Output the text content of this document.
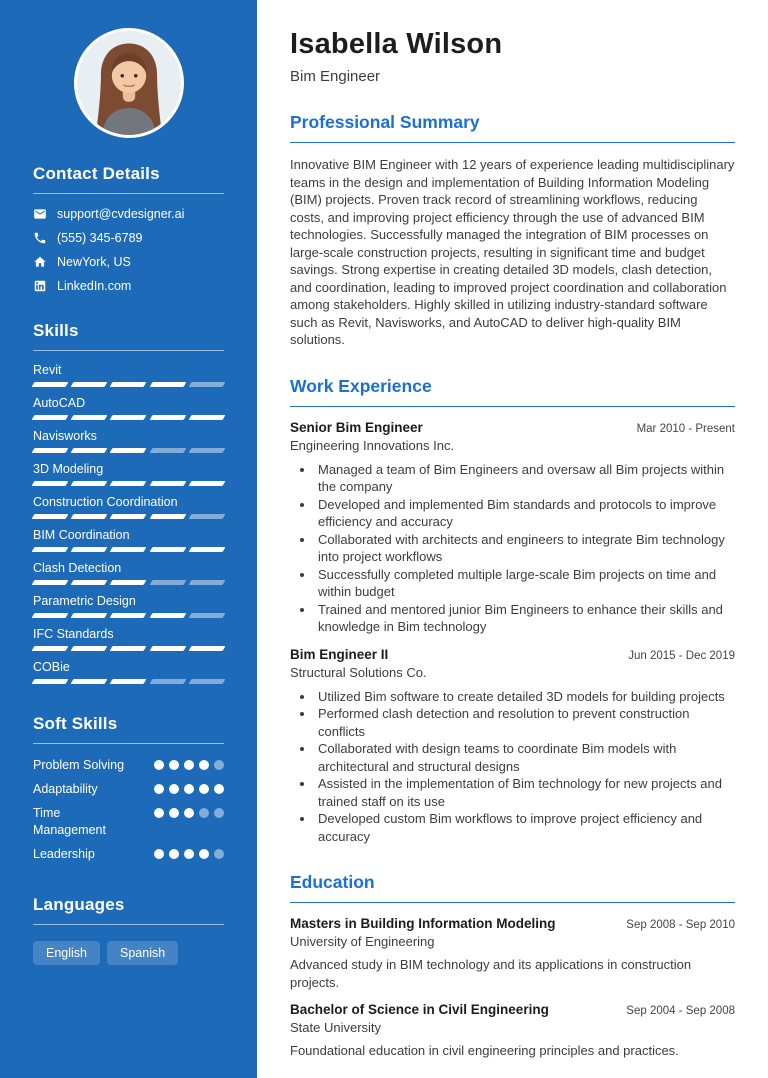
Contact Details
support@cvdesigner.ai
(555) 345-6789
NewYork, US
LinkedIn.com
Skills
Revit
AutoCAD
Navisworks
3D Modeling
Construction Coordination
BIM Coordination
Clash Detection
Parametric Design
IFC Standards
COBie
Soft Skills
Problem Solving
Adaptability
Time Management
Leadership
Languages
English	Spanish
Isabella Wilson
Bim Engineer
Professional Summary

Innovative BIM Engineer with 12 years of experience leading multidisciplinary teams in the design and implementation of Building Information Modeling (BIM) projects. Proven track record of streamlining workflows, reducing costs, and improving project efficiency through the use of advanced BIM technologies. Successfully managed the integration of BIM processes on large-scale construction projects, resulting in significant time and budget savings. Strong expertise in creating detailed 3D models, clash detection, and coordination, leading to improved project coordination and collaboration among stakeholders. Highly skilled in utilizing industry-standard software such as Revit, Navisworks, and AutoCAD to deliver high-quality BIM solutions.

Work Experience
Senior Bim Engineer	Mar 2010 - Present
Engineering Innovations Inc.
• Managed a team of Bim Engineers and oversaw all Bim projects within the company
• Developed and implemented Bim standards and protocols to improve efficiency and accuracy
• Collaborated with architects and engineers to integrate Bim technology into project workflows
• Successfully completed multiple large-scale Bim projects on time and within budget
• Trained and mentored junior Bim Engineers to enhance their skills and knowledge in Bim technology
Bim Engineer II	Jun 2015 - Dec 2019
Structural Solutions Co.
• Utilized Bim software to create detailed 3D models for building projects
• Performed clash detection and resolution to prevent construction conflicts
• Collaborated with design teams to coordinate Bim models with architectural and structural designs
• Assisted in the implementation of Bim technology for new projects and trained staff on its use
• Developed custom Bim workflows to improve project efficiency and accuracy
Education
Masters in Building Information Modeling	Sep 2008 - Sep 2010
University of Engineering

Advanced study in BIM technology and its applications in construction projects.

Bachelor of Science in Civil Engineering	Sep 2004 - Sep 2008
State University

Foundational education in civil engineering principles and practices.
